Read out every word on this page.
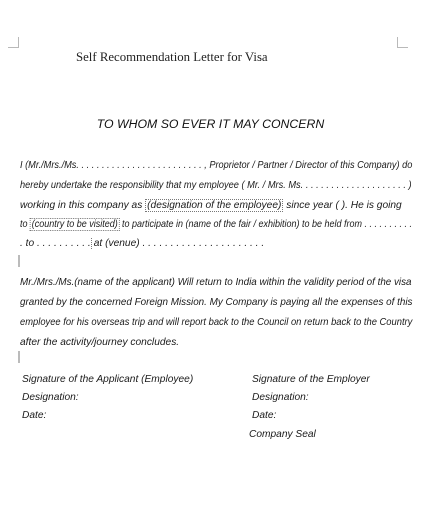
Self Recommendation Letter for Visa
TO WHOM SO EVER IT MAY CONCERN
I (Mr./Mrs./Ms. . . . . . . . . . . . . . . . . . . . . . . . . , Proprietor / Partner / Director of this Company) do
hereby undertake the responsibility that my employee ( Mr. / Mrs. Ms. . . . . . . . . . . . . . . . . . . . . )
working in this company as (designation of the employee) since year ( ). He is going
to (country to be visited) to participate in (name of the fair / exhibition) to be held from . . . . . . . . . .
. to . . . . . . . . . . at (venue) . . . . . . . . . . . . . . . . . . . . . .
Mr./Mrs./Ms.(name of the applicant) Will return to India within the validity period of the visa
granted by the concerned Foreign Mission. My Company is paying all the expenses of this
employee for his overseas trip and will report back to the Council on return back to the Country
after the activity/journey concludes.
Signature of the Applicant (Employee)
Designation:
Date:
Signature of the Employer
Designation:
Date:
Company Seal
